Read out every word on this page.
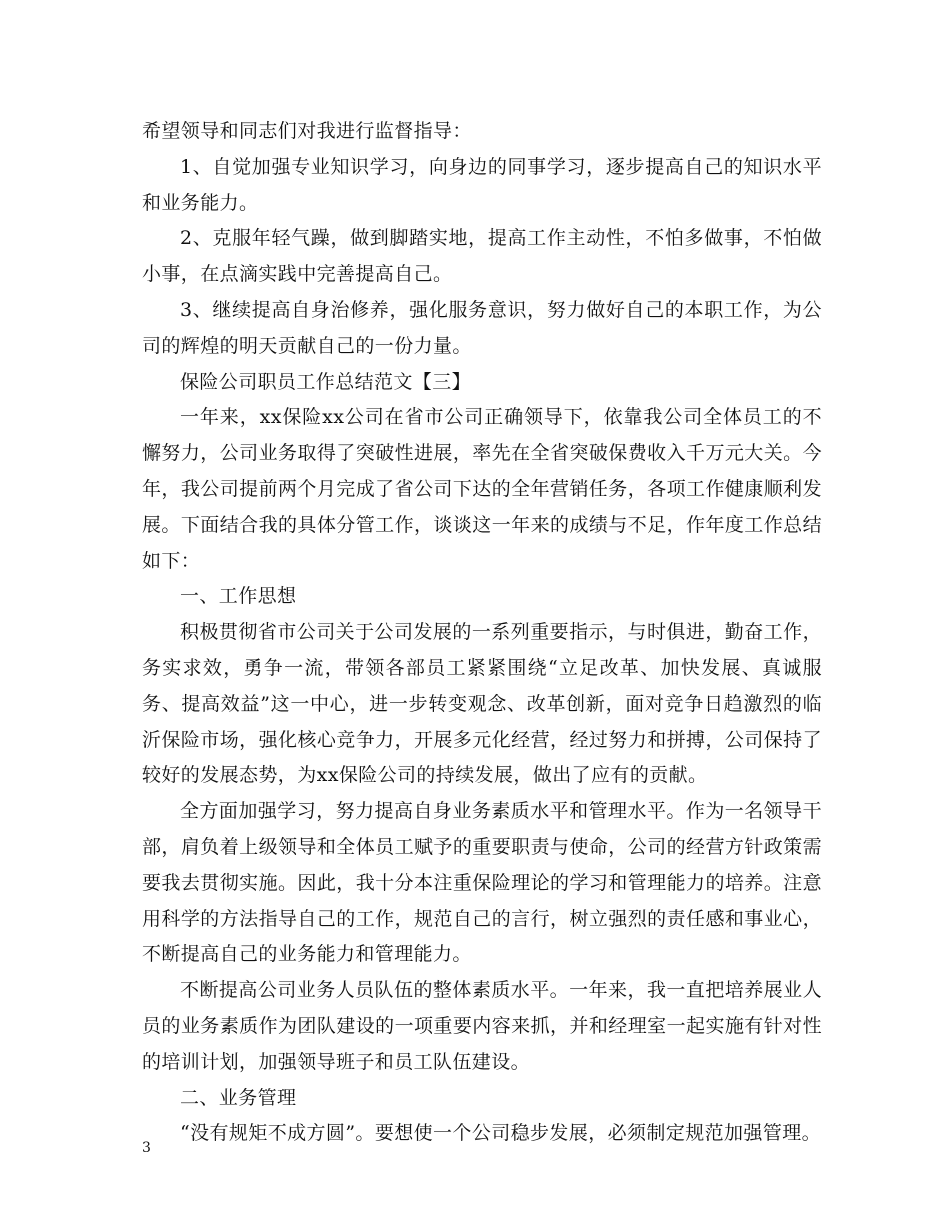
希望领导和同志们对我进行监督指导：

1、自觉加强专业知识学习，向身边的同事学习，逐步提高自己的知识水平和业务能力。

2、克服年轻气躁，做到脚踏实地，提高工作主动性，不怕多做事，不怕做小事，在点滴实践中完善提高自己。

3、继续提高自身治修养，强化服务意识，努力做好自己的本职工作，为公司的辉煌的明天贡献自己的一份力量。

保险公司职员工作总结范文【三】

一年来，xx保险xx公司在省市公司正确领导下，依靠我公司全体员工的不懈努力，公司业务取得了突破性进展，率先在全省突破保费收入千万元大关。今年，我公司提前两个月完成了省公司下达的全年营销任务，各项工作健康顺利发展。下面结合我的具体分管工作，谈谈这一年来的成绩与不足，作年度工作总结如下：

一、工作思想

积极贯彻省市公司关于公司发展的一系列重要指示，与时俱进，勤奋工作，务实求效，勇争一流，带领各部员工紧紧围绕“立足改革、加快发展、真诚服务、提高效益”这一中心，进一步转变观念、改革创新，面对竞争日趋激烈的临沂保险市场，强化核心竞争力，开展多元化经营，经过努力和拼搏，公司保持了较好的发展态势，为xx保险公司的持续发展，做出了应有的贡献。

全方面加强学习，努力提高自身业务素质水平和管理水平。作为一名领导干部，肩负着上级领导和全体员工赋予的重要职责与使命，公司的经营方针政策需要我去贯彻实施。因此，我十分本注重保险理论的学习和管理能力的培养。注意用科学的方法指导自己的工作，规范自己的言行，树立强烈的责任感和事业心，不断提高自己的业务能力和管理能力。

不断提高公司业务人员队伍的整体素质水平。一年来，我一直把培养展业人员的业务素质作为团队建设的一项重要内容来抓，并和经理室一起实施有针对性的培训计划，加强领导班子和员工队伍建设。

二、业务管理

“没有规矩不成方圆”。要想使一个公司稳步发展，必须制定规范加强管理。

3
